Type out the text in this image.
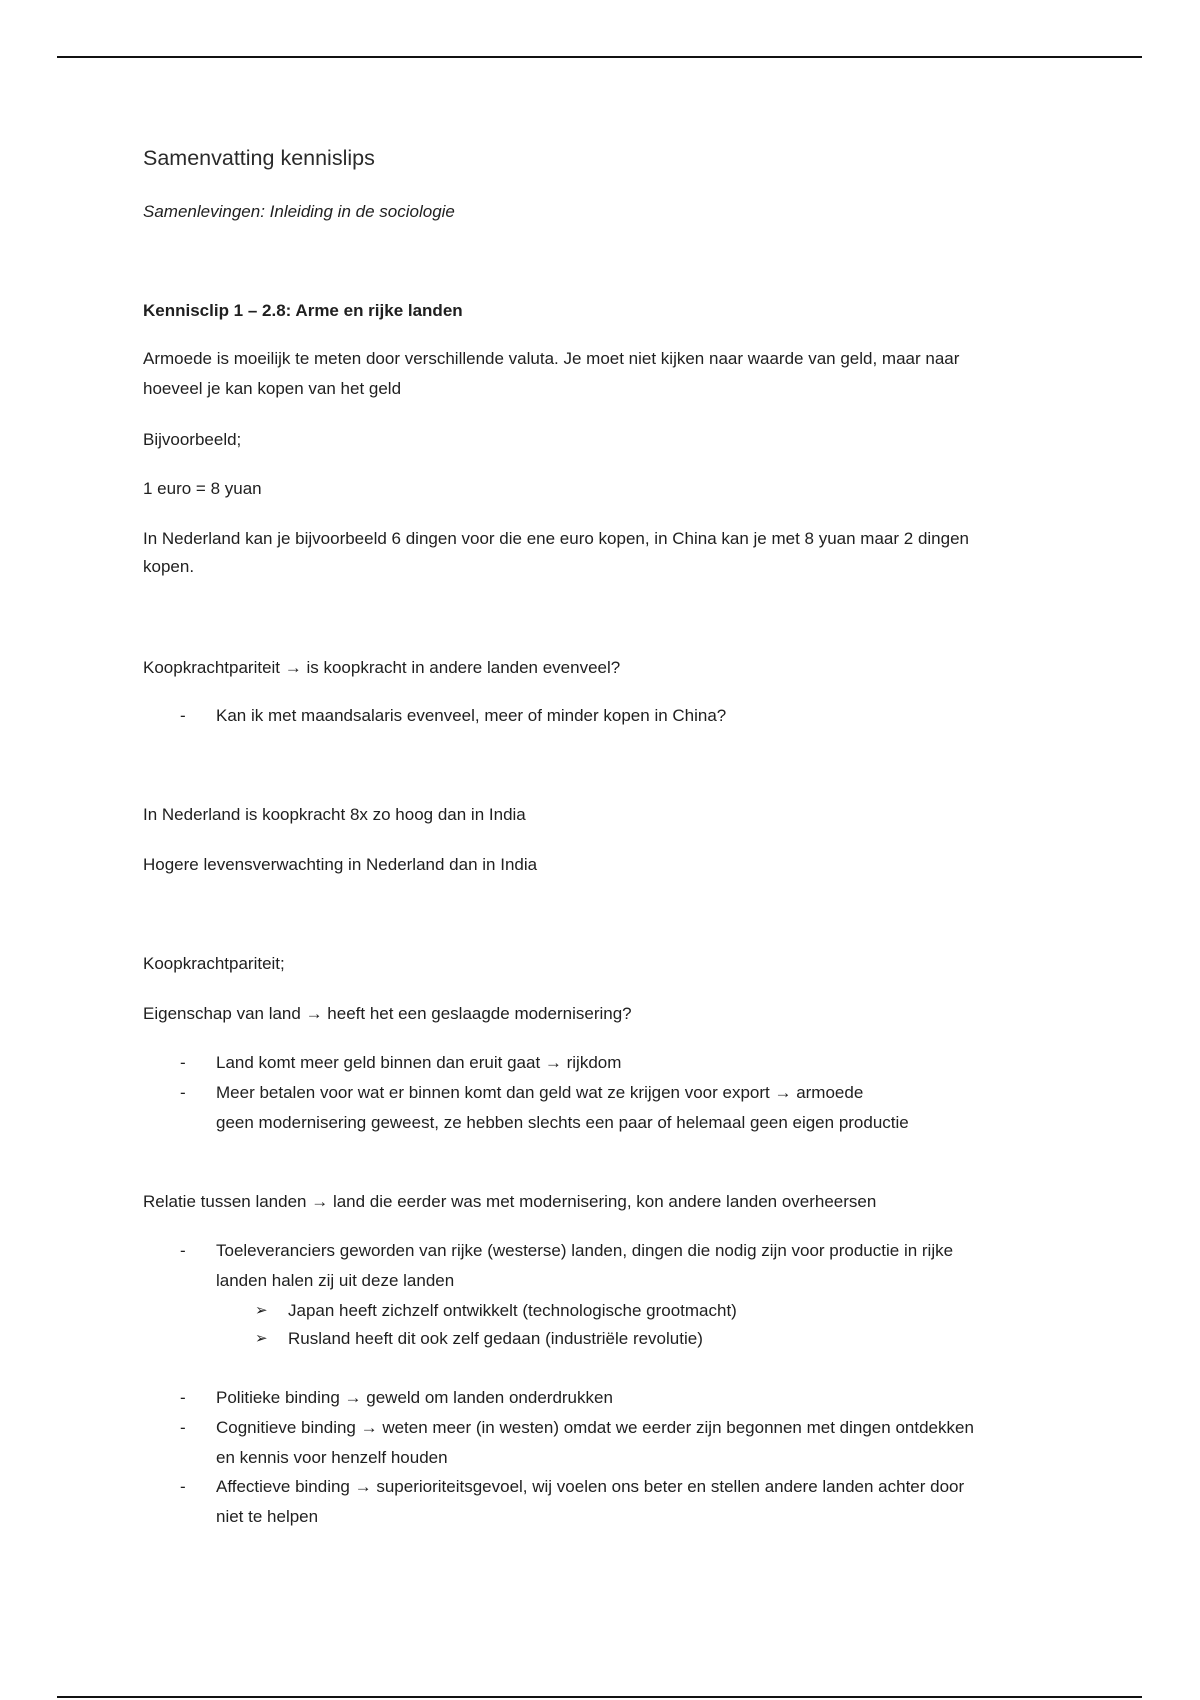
Samenvatting kennislips
Samenlevingen: Inleiding in de sociologie
Kennisclip 1 – 2.8: Arme en rijke landen
Armoede is moeilijk te meten door verschillende valuta. Je moet niet kijken naar waarde van geld, maar naar
hoeveel je kan kopen van het geld
Bijvoorbeeld;
1 euro = 8 yuan
In Nederland kan je bijvoorbeeld 6 dingen voor die ene euro kopen, in China kan je met 8 yuan maar 2 dingen
kopen.
Koopkrachtpariteit → is koopkracht in andere landen evenveel?
- Kan ik met maandsalaris evenveel, meer of minder kopen in China?
In Nederland is koopkracht 8x zo hoog dan in India
Hogere levensverwachting in Nederland dan in India
Koopkrachtpariteit;
Eigenschap van land → heeft het een geslaagde modernisering?
- Land komt meer geld binnen dan eruit gaat → rijkdom
- Meer betalen voor wat er binnen komt dan geld wat ze krijgen voor export → armoede
geen modernisering geweest, ze hebben slechts een paar of helemaal geen eigen productie
Relatie tussen landen → land die eerder was met modernisering, kon andere landen overheersen
- Toeleveranciers geworden van rijke (westerse) landen, dingen die nodig zijn voor productie in rijke
landen halen zij uit deze landen
➢ Japan heeft zichzelf ontwikkelt (technologische grootmacht)
➢ Rusland heeft dit ook zelf gedaan (industriële revolutie)
- Politieke binding → geweld om landen onderdrukken
- Cognitieve binding → weten meer (in westen) omdat we eerder zijn begonnen met dingen ontdekken
en kennis voor henzelf houden
- Affectieve binding → superioriteitsgevoel, wij voelen ons beter en stellen andere landen achter door
niet te helpen
